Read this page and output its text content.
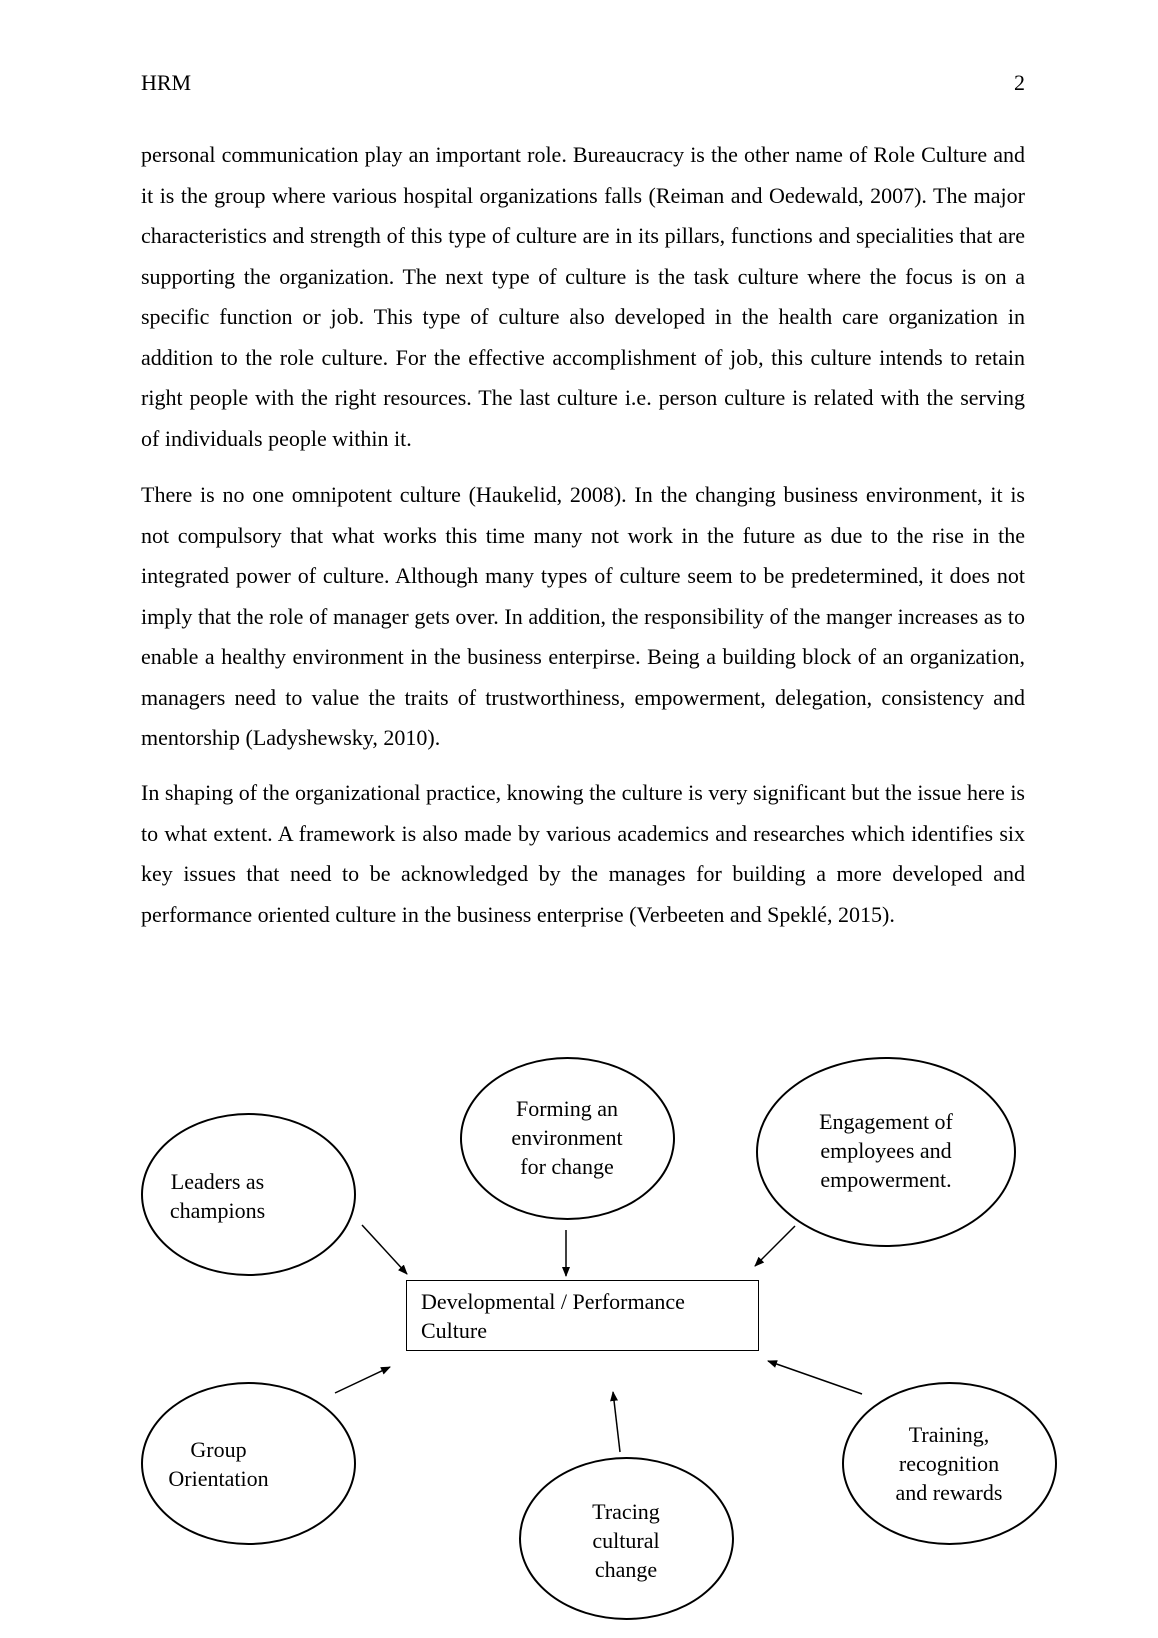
HRM	2

personal communication play an important role. Bureaucracy is the other name of Role Culture and it is the group where various hospital organizations falls (Reiman and Oedewald, 2007). The major characteristics and strength of this type of culture are in its pillars, functions and specialities that are supporting the organization. The next type of culture is the task culture where the focus is on a specific function or job. This type of culture also developed in the health care organization in addition to the role culture. For the effective accomplishment of job, this culture intends to retain right people with the right resources. The last culture i.e. person culture is related with the serving of individuals people within it.

There is no one omnipotent culture (Haukelid, 2008). In the changing business environment, it is not compulsory that what works this time many not work in the future as due to the rise in the integrated power of culture. Although many types of culture seem to be predetermined, it does not imply that the role of manager gets over. In addition, the responsibility of the manger increases as to enable a healthy environment in the business enterpirse. Being a building block of an organization, managers need to value the traits of trustworthiness, empowerment, delegation, consistency and mentorship (Ladyshewsky, 2010).

In shaping of the organizational practice, knowing the culture is very significant but the issue here is to what extent. A framework is also made by various academics and researches which identifies six key issues that need to be acknowledged by the manages for building a more developed and performance oriented culture in the business enterprise (Verbeeten and Speklé, 2015).

Leaders as
champions
Forming an
environment
for change
Engagement of
employees and
empowerment.
Group
Orientation
Tracing
cultural
change
Training,
recognition
and rewards
Developmental / Performance
Culture
